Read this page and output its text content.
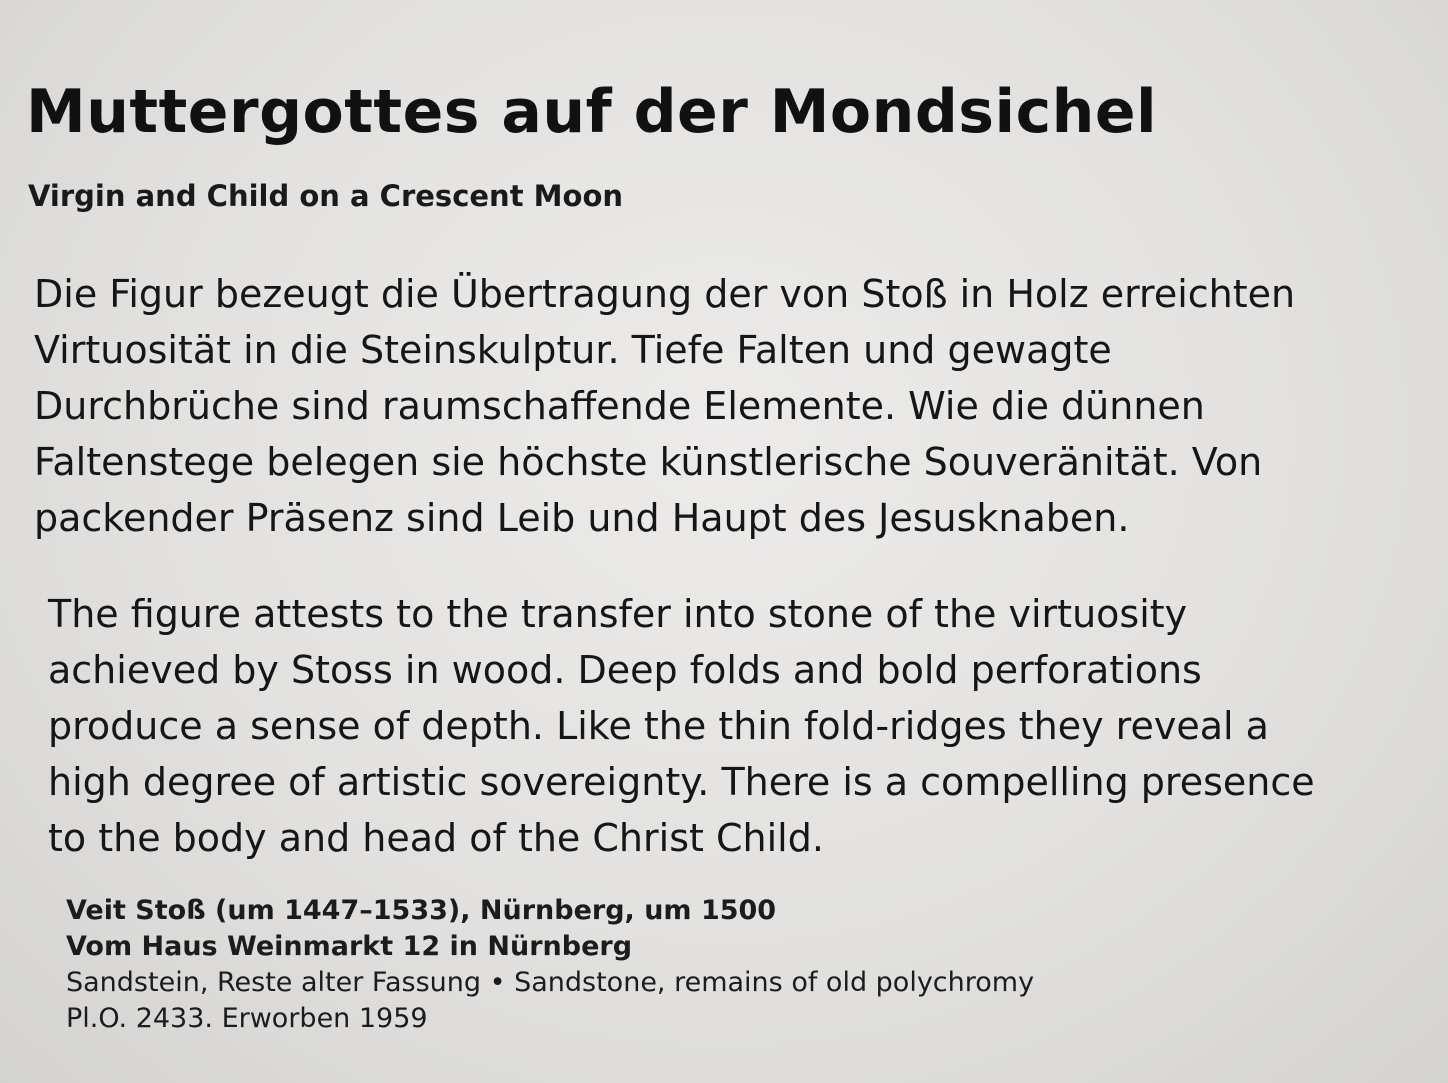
Muttergottes auf der Mondsichel
Virgin and Child on a Crescent Moon
Die Figur bezeugt die Übertragung der von Stoß in Holz erreichten
Virtuosität in die Steinskulptur. Tiefe Falten und gewagte
Durchbrüche sind raumschaffende Elemente. Wie die dünnen
Faltenstege belegen sie höchste künstlerische Souveränität. Von
packender Präsenz sind Leib und Haupt des Jesusknaben.
The figure attests to the transfer into stone of the virtuosity
achieved by Stoss in wood. Deep folds and bold perforations
produce a sense of depth. Like the thin fold-ridges they reveal a
high degree of artistic sovereignty. There is a compelling presence
to the body and head of the Christ Child.
Veit Stoß (um 1447–1533), Nürnberg, um 1500
Vom Haus Weinmarkt 12 in Nürnberg
Sandstein, Reste alter Fassung • Sandstone, remains of old polychromy
Pl.O. 2433. Erworben 1959
